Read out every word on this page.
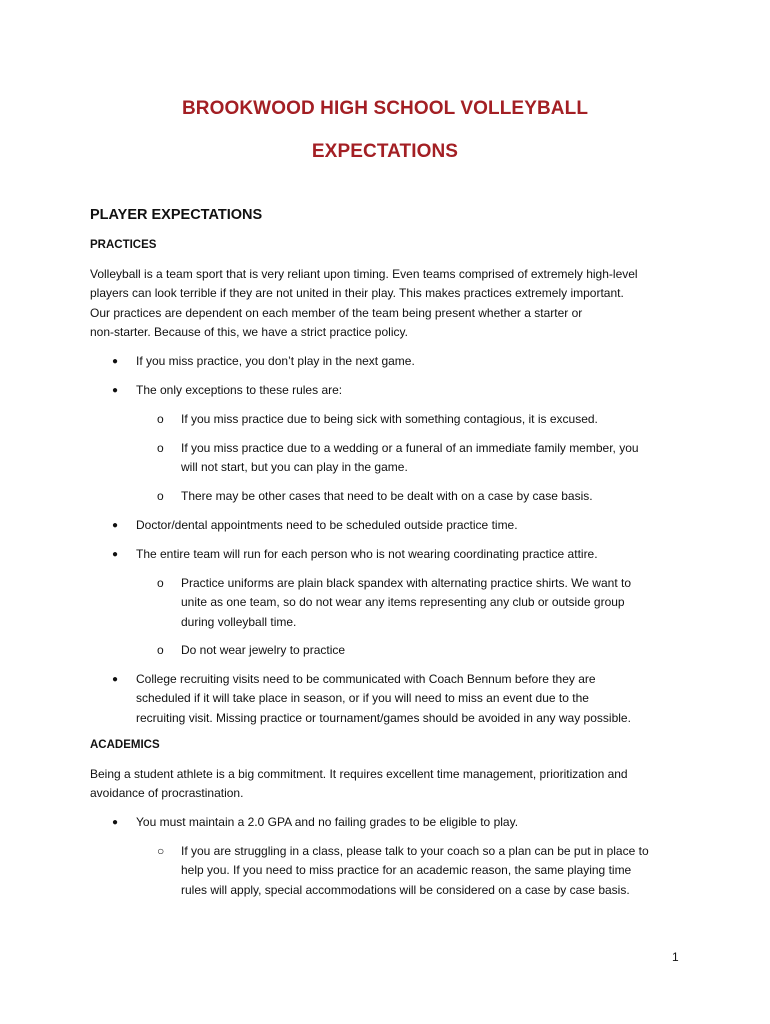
BROOKWOOD HIGH SCHOOL VOLLEYBALL
EXPECTATIONS
PLAYER EXPECTATIONS
PRACTICES
Volleyball is a team sport that is very reliant upon timing. Even teams comprised of extremely high-level
players can look terrible if they are not united in their play. This makes practices extremely important.
Our practices are dependent on each member of the team being present whether a starter or
non-starter. Because of this, we have a strict practice policy.
● If you miss practice, you don’t play in the next game.
● The only exceptions to these rules are:
o If you miss practice due to being sick with something contagious, it is excused.
o If you miss practice due to a wedding or a funeral of an immediate family member, you
will not start, but you can play in the game.
o There may be other cases that need to be dealt with on a case by case basis.
● Doctor/dental appointments need to be scheduled outside practice time.
● The entire team will run for each person who is not wearing coordinating practice attire.
o Practice uniforms are plain black spandex with alternating practice shirts. We want to
unite as one team, so do not wear any items representing any club or outside group
during volleyball time.
o Do not wear jewelry to practice
● College recruiting visits need to be communicated with Coach Bennum before they are
scheduled if it will take place in season, or if you will need to miss an event due to the
recruiting visit. Missing practice or tournament/games should be avoided in any way possible.
ACADEMICS
Being a student athlete is a big commitment. It requires excellent time management, prioritization and
avoidance of procrastination.
● You must maintain a 2.0 GPA and no failing grades to be eligible to play.
○ If you are struggling in a class, please talk to your coach so a plan can be put in place to
help you. If you need to miss practice for an academic reason, the same playing time
rules will apply, special accommodations will be considered on a case by case basis.
1
